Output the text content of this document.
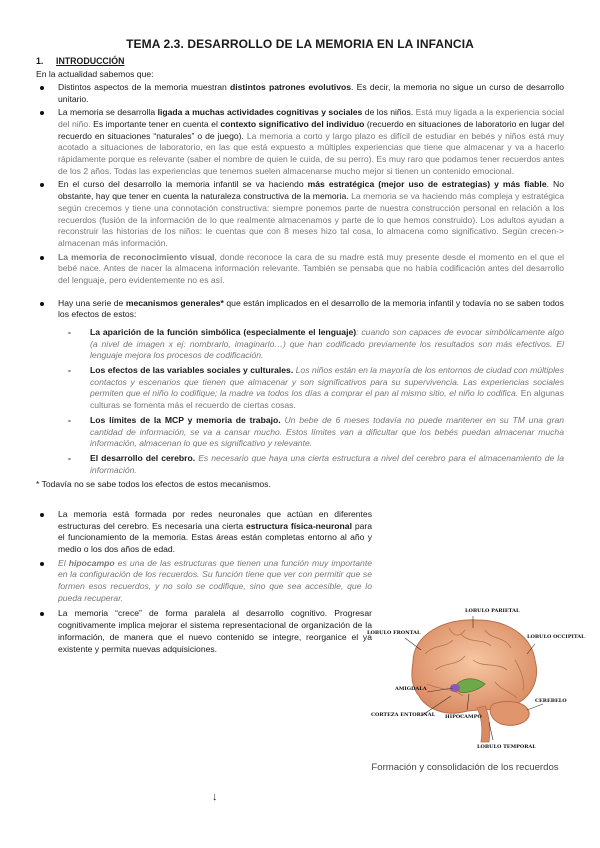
TEMA 2.3. DESARROLLO DE LA MEMORIA EN LA INFANCIA
1. INTRODUCCIÓN
En la actualidad sabemos que:
Distintos aspectos de la memoria muestran distintos patrones evolutivos. Es decir, la memoria no sigue un curso de desarrollo unitario.
La memoria se desarrolla ligada a muchas actividades cognitivas y sociales de los niños. Está muy ligada a la experiencia social del niño. Es importante tener en cuenta el contexto significativo del individuo (recuerdo en situaciones de laboratorio en lugar del recuerdo en situaciones “naturales” o de juego). La memoria a corto y largo plazo es difícil de estudiar en bebés y niños está muy acotado a situaciones de laboratorio, en las que está expuesto a múltiples experiencias que tiene que almacenar y va a hacerlo rápidamente porque es relevante (saber el nombre de quien le cuida, de su perro). Es muy raro que podamos tener recuerdos antes de los 2 años. Todas las experiencias que tenemos suelen almacenarse mucho mejor si tienen un contenido emocional.
En el curso del desarrollo la memoria infantil se va haciendo más estratégica (mejor uso de estrategias) y más fiable. No obstante, hay que tener en cuenta la naturaleza constructiva de la memoria. La memoria se va haciendo más compleja y estratégica según crecemos y tiene una connotación constructiva: siempre ponemos parte de nuestra construcción personal en relación a los recuerdos (fusión de la información de lo que realmente almacenamos y parte de lo que hemos construido). Los adultos ayudan a reconstruir las historias de los niños: le cuentas que con 8 meses hizo tal cosa, lo almacena como significativo. Según crecen-> almacenan más información.
La memoria de reconocimiento visual, donde reconoce la cara de su madre está muy presente desde el momento en el que el bebé nace. Antes de nacer la almacena información relevante. También se pensaba que no había codificación antes del desarrollo del lenguaje, pero evidentemente no es así.
Hay una serie de mecanismos generales* que están implicados en el desarrollo de la memoria infantil y todavía no se saben todos los efectos de estos:
- La aparición de la función simbólica (especialmente el lenguaje): cuando son capaces de evocar simbólicamente algo (a nivel de imagen x ej: nombrarlo, imaginarlo…) que han codificado previamente los resultados son más efectivos. El lenguaje mejora los procesos de codificación.
- Los efectos de las variables sociales y culturales. Los niños están en la mayoría de los entornos de ciudad con múltiples contactos y escenarios que tienen que almacenar y son significativos para su supervivencia. Las experiencias sociales permiten que el niño lo codifique; la madre va todos los días a comprar el pan al mismo sitio, el niño lo codifica. En algunas culturas se fomenta más el recuerdo de ciertas cosas.
- Los límites de la MCP y memoria de trabajo. Un bebe de 6 meses todavía no puede mantener en su TM una gran cantidad de información, se va a cansar mucho. Estos límites van a dificultar que los bebés puedan almacenar mucha información, almacenan lo que es significativo y relevante.
- El desarrollo del cerebro. Es necesario que haya una cierta estructura a nivel del cerebro para el almacenamiento de la información.
* Todavía no se sabe todos los efectos de estos mecanismos.
La memoria está formada por redes neuronales que actúan en diferentes estructuras del cerebro. Es necesaria una cierta estructura física-neuronal para el funcionamiento de la memoria. Estas áreas están completas entorno al año y medio o los dos años de edad.
El hipocampo es una de las estructuras que tienen una función muy importante en la configuración de los recuerdos. Su función tiene que ver con permitir que se formen esos recuerdos, y no solo se codifique, sino que sea accesible, que lo pueda recuperar.
La memoria “crece” de forma paralela al desarrollo cognitivo. Progresar cognitivamente implica mejorar el sistema representacional de organización de la información, de manera que el nuevo contenido se integre, reorganice el ya existente y permita nuevas adquisiciones.
LOBULO PARIETAL
LOBULO FRONTAL
LOBULO OCCIPITAL
AMIGDALA
CEREBELO
CORTEZA ENTORINAL HIPOCAMPO
LOBULO TEMPORAL
Formación y consolidación de los recuerdos
↓
